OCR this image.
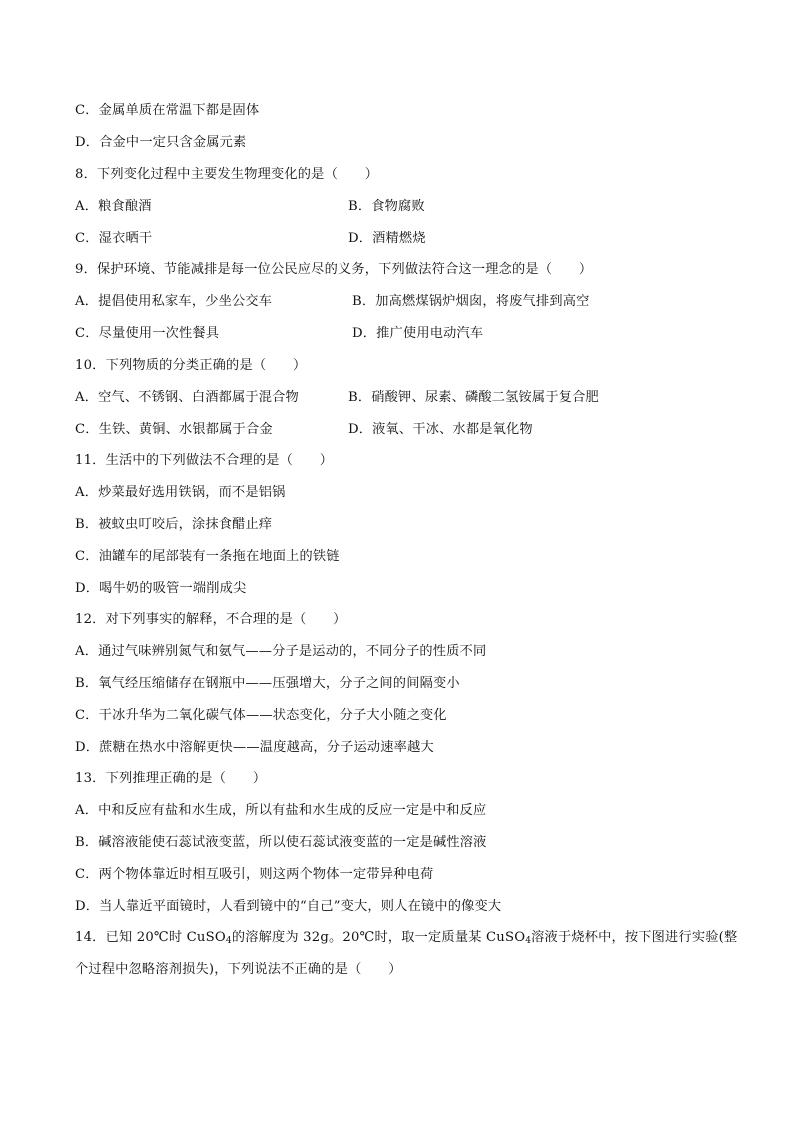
C．金属单质在常温下都是固体
D．合金中一定只含金属元素
8．下列变化过程中主要发生物理变化的是（　　）
A．粮食酿酒	B．食物腐败
C．湿衣晒干	D．酒精燃烧
9．保护环境、节能减排是每一位公民应尽的义务，下列做法符合这一理念的是（　　）
A．提倡使用私家车，少坐公交车	B．加高燃煤锅炉烟囱，将废气排到高空
C．尽量使用一次性餐具	D．推广使用电动汽车
10．下列物质的分类正确的是（　　）
A．空气、不锈钢、白酒都属于混合物	B．硝酸钾、尿素、磷酸二氢铵属于复合肥
C．生铁、黄铜、水银都属于合金	D．液氧、干冰、水都是氧化物
11．生活中的下列做法不合理的是（　　）
A．炒菜最好选用铁锅，而不是铝锅
B．被蚊虫叮咬后，涂抹食醋止痒
C．油罐车的尾部装有一条拖在地面上的铁链
D．喝牛奶的吸管一端削成尖
12．对下列事实的解释，不合理的是（　　）
A．通过气味辨别氮气和氨气——分子是运动的，不同分子的性质不同
B．氧气经压缩储存在钢瓶中——压强增大，分子之间的间隔变小
C．干冰升华为二氧化碳气体——状态变化，分子大小随之变化
D．蔗糖在热水中溶解更快——温度越高，分子运动速率越大
13．下列推理正确的是（　　）
A．中和反应有盐和水生成，所以有盐和水生成的反应一定是中和反应
B．碱溶液能使石蕊试液变蓝，所以使石蕊试液变蓝的一定是碱性溶液
C．两个物体靠近时相互吸引，则这两个物体一定带异种电荷
D．当人靠近平面镜时，人看到镜中的“自己”变大，则人在镜中的像变大
14．已知 20℃时 CuSO$_4$的溶解度为 32g。20℃时，取一定质量某 CuSO$_4$溶液于烧杯中，按下图进行实验(整
个过程中忽略溶剂损失)，下列说法不正确的是（　　）
